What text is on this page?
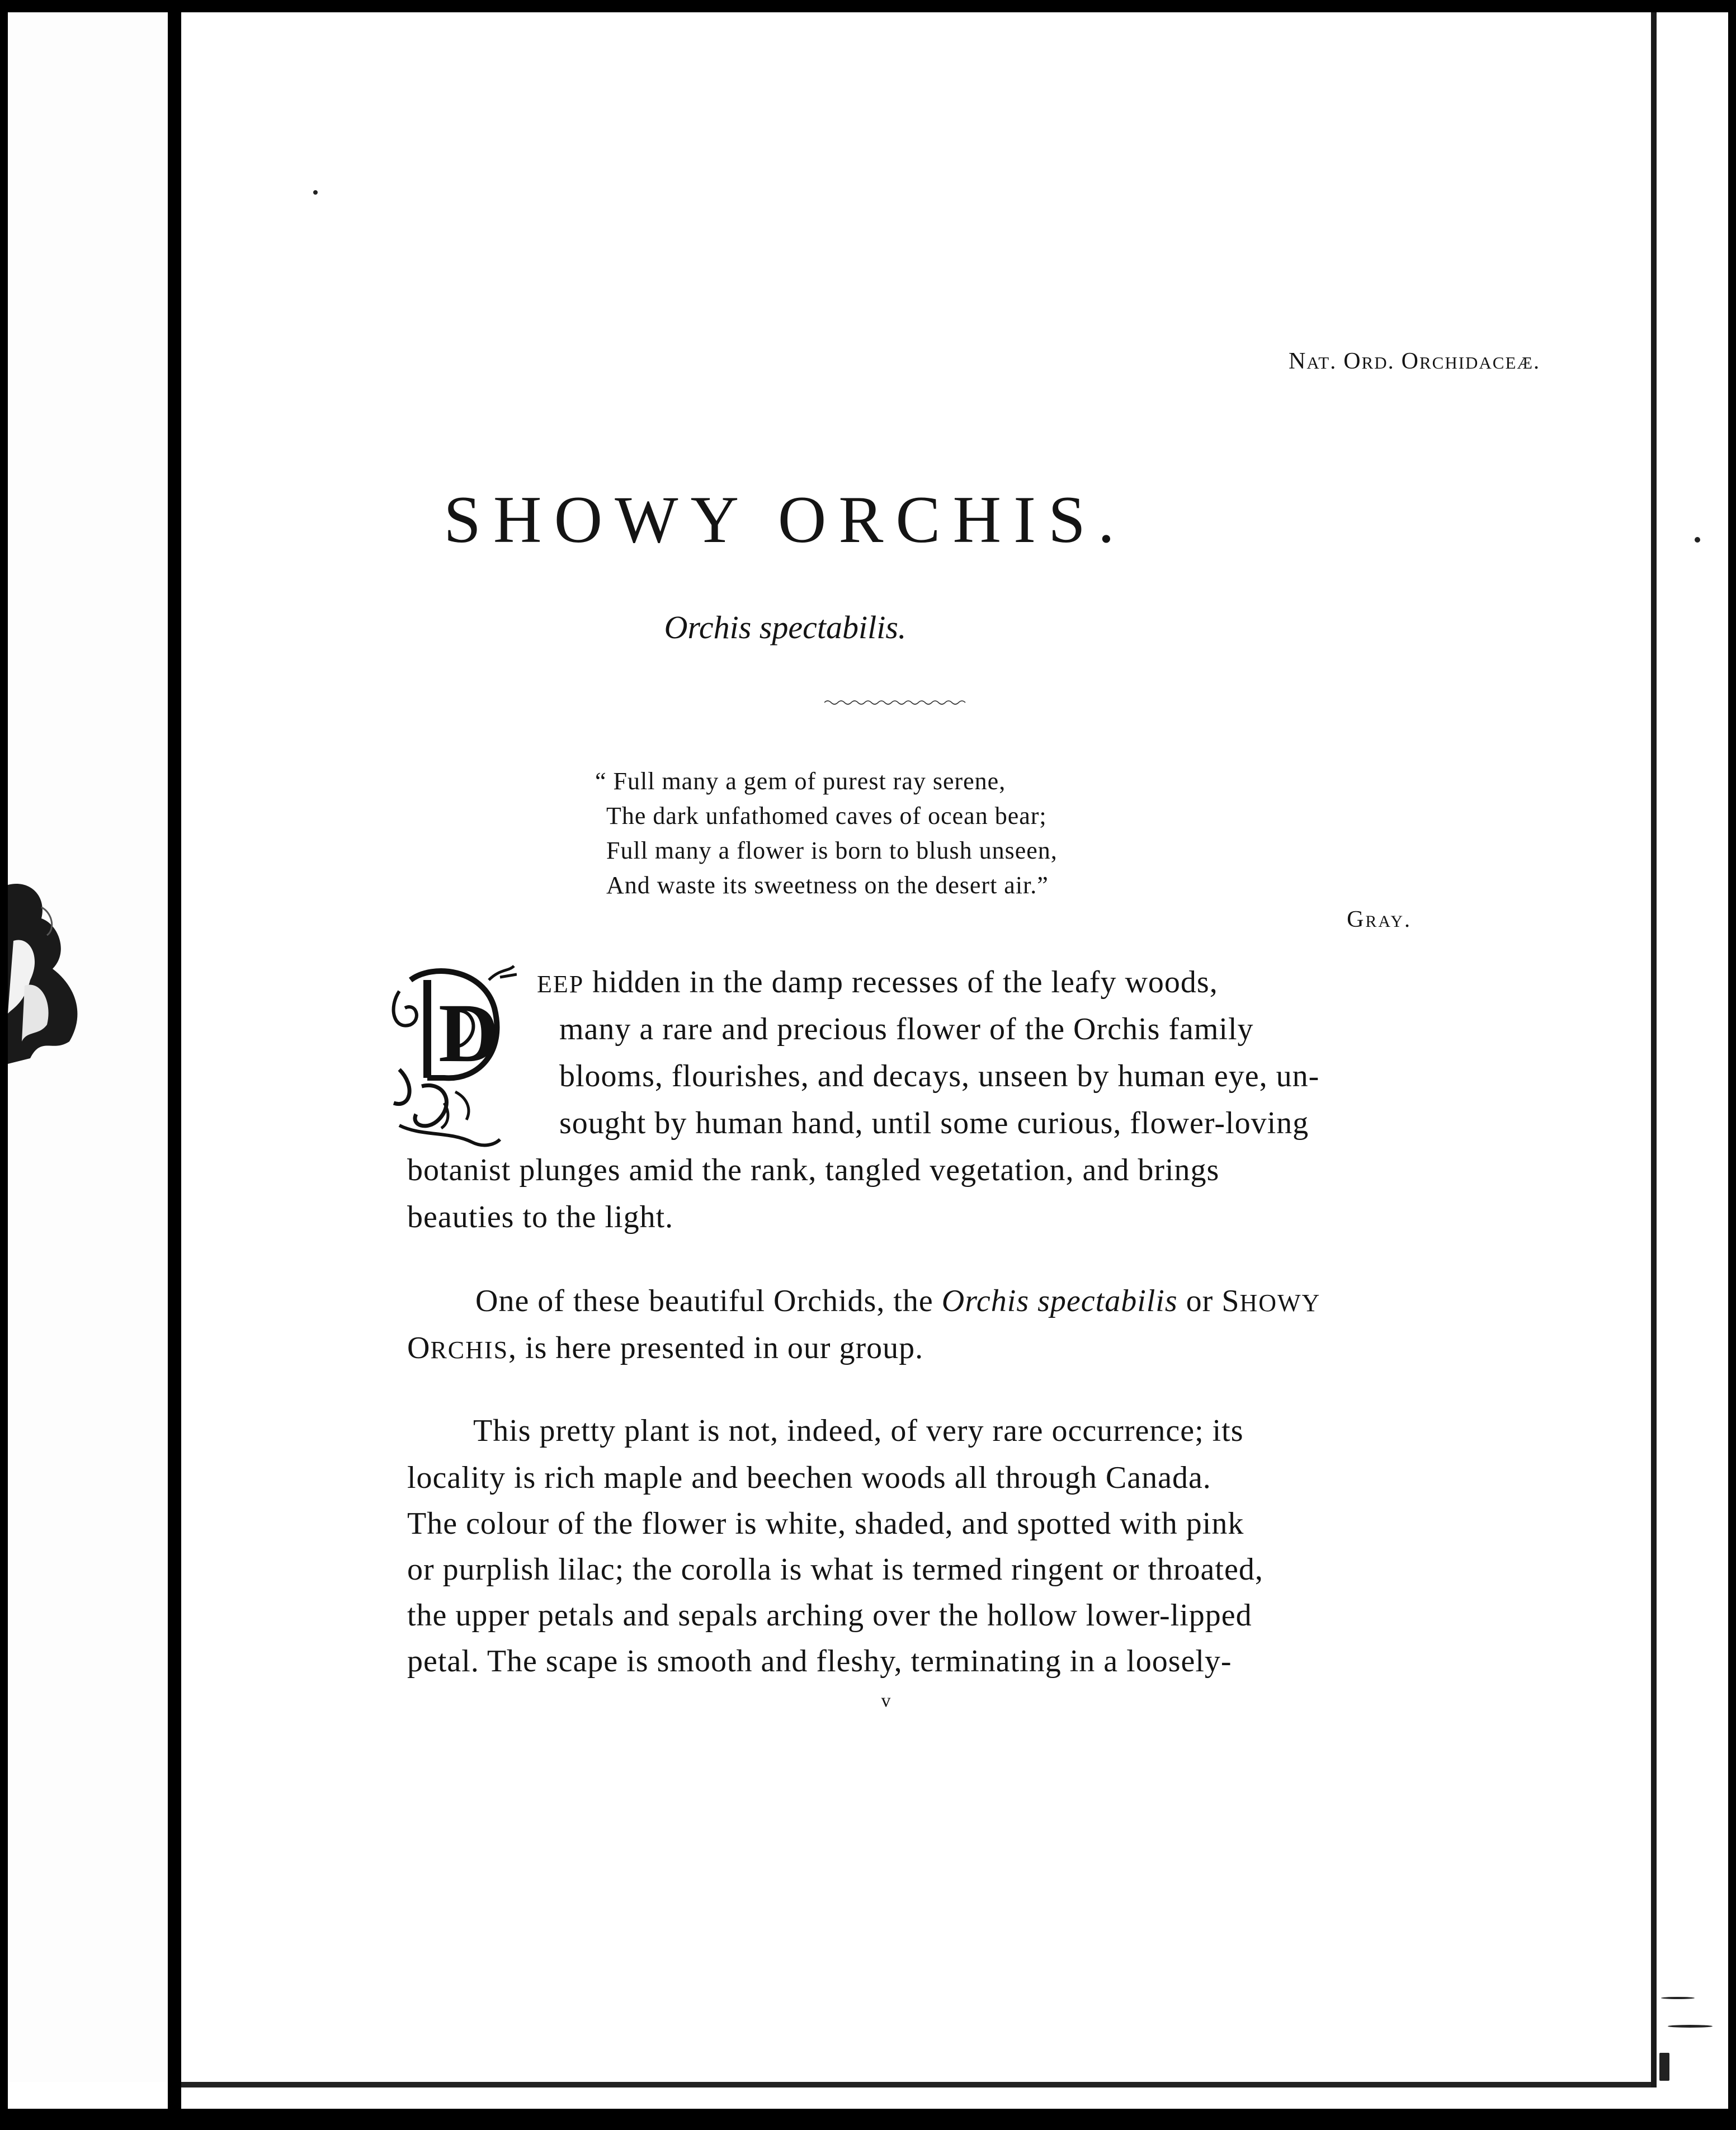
NAT. ORD. ORCHIDACEÆ.
SHOWY ORCHIS.
Orchis spectabilis.
“ Full many a gem of purest ray serene,
The dark unfathomed caves of ocean bear;
Full many a flower is born to blush unseen,
And waste its sweetness on the desert air.”
GRAY.
D
EEP hidden in the damp recesses of the leafy woods,
many a rare and precious flower of the Orchis family
blooms, flourishes, and decays, unseen by human eye, un-
sought by human hand, until some curious, flower-loving
botanist plunges amid the rank, tangled vegetation, and brings
beauties to the light.
One of these beautiful Orchids, the Orchis spectabilis or SHOWY
ORCHIS, is here presented in our group.
This pretty plant is not, indeed, of very rare occurrence; its
locality is rich maple and beechen woods all through Canada.
The colour of the flower is white, shaded, and spotted with pink
or purplish lilac; the corolla is what is termed ringent or throated,
the upper petals and sepals arching over the hollow lower-lipped
petal. The scape is smooth and fleshy, terminating in a loosely-
v
